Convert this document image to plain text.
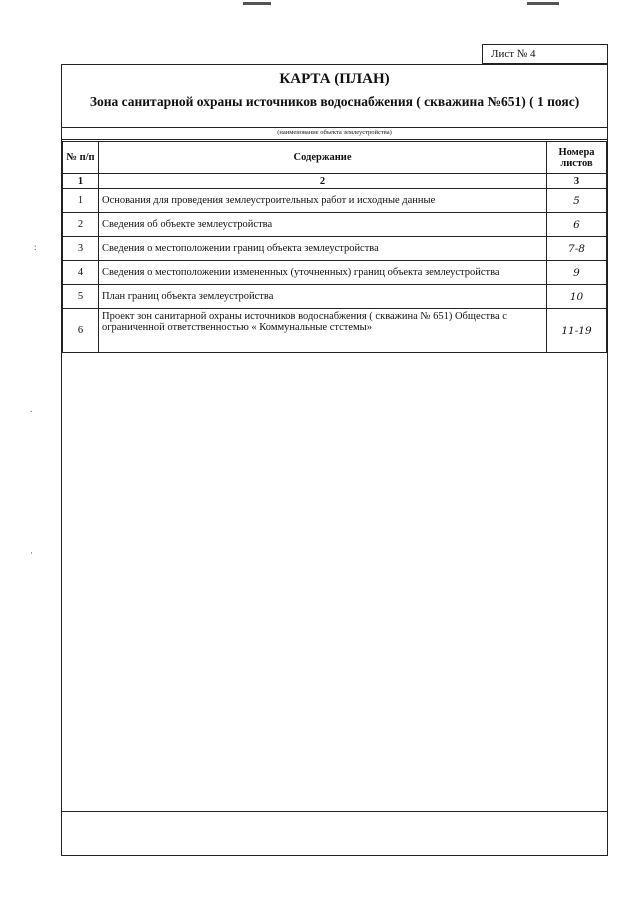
:
.
·
Лист № 4
КАРТА (ПЛАН)
Зона санитарной охраны источников водоснабжения ( скважина №651) ( 1 пояс)
(наименование объекта землеустройства)
№ п/п	Содержание	Номера листов
1	2	3
1	Основания для проведения землеустроительных работ и исходные данные	5
2	Сведения об объекте землеустройства	6
3	Сведения о местоположении границ объекта землеустройства	7-8
4	Сведения о местоположении измененных (уточненных) границ объекта землеустройства	9
5	План границ объекта землеустройства	10
6	Проект зон санитарной охраны источников водоснабжения ( скважина № 651) Общества с ограниченной ответственностью « Коммунальные стстемы»	11-19
